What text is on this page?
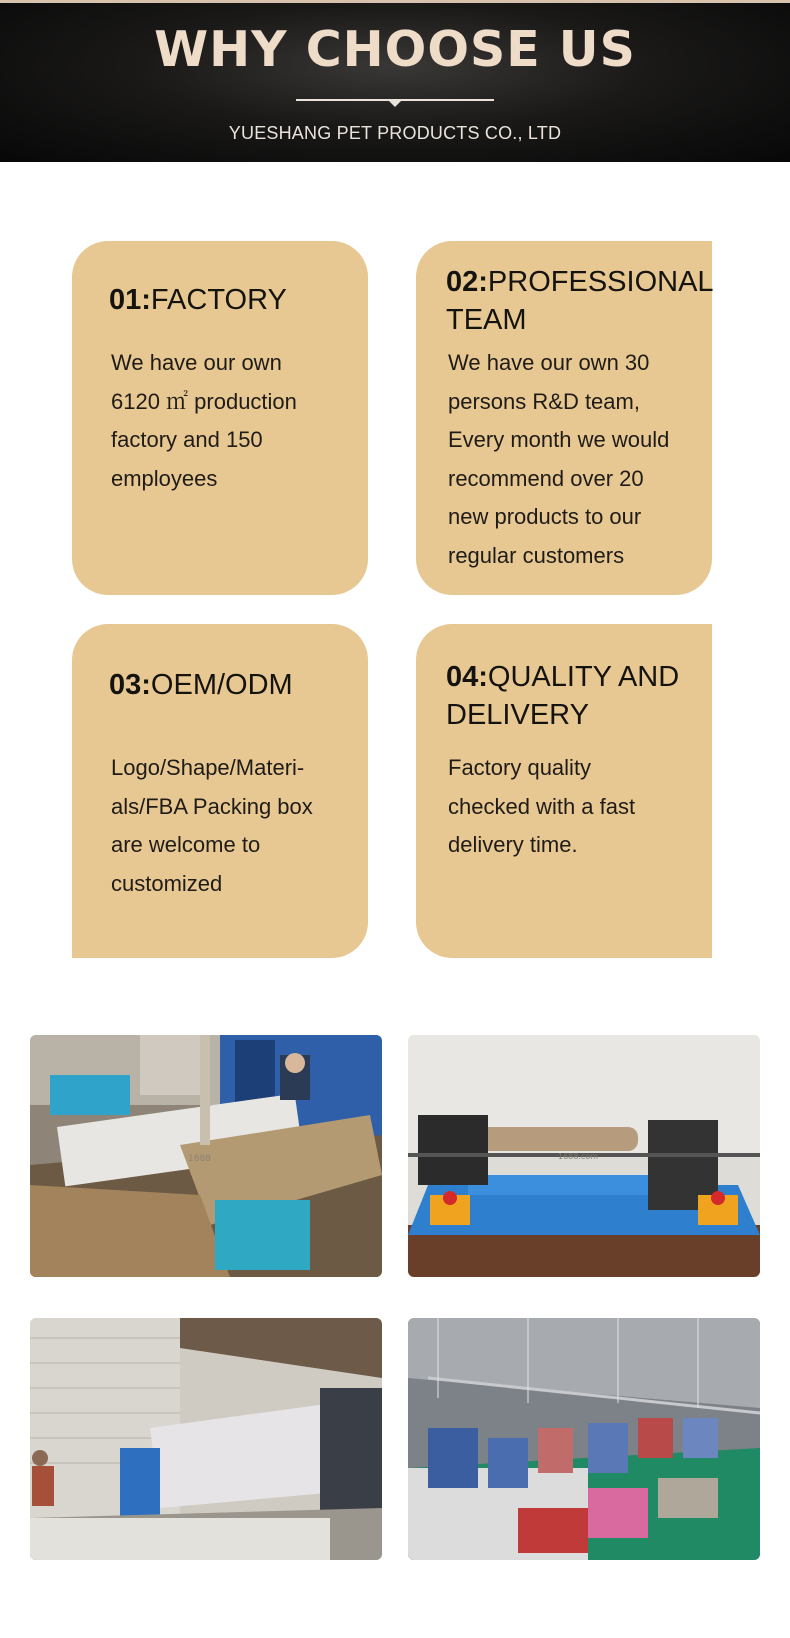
WHY CHOOSE US
YUESHANG PET PRODUCTS CO., LTD
01:FACTORY
We have our own
6120 ㎡ production
factory and 150
employees
02:PROFESSIONAL TEAM
We have our own 30
persons R&D team,
Every month we would
recommend over 20
new products to our
regular customers
03:OEM/ODM
Logo/Shape/Materi-
als/FBA Packing box
are welcome to
customized
04:QUALITY AND DELIVERY
Factory quality
checked with a fast
delivery time.
1688	1688.com
